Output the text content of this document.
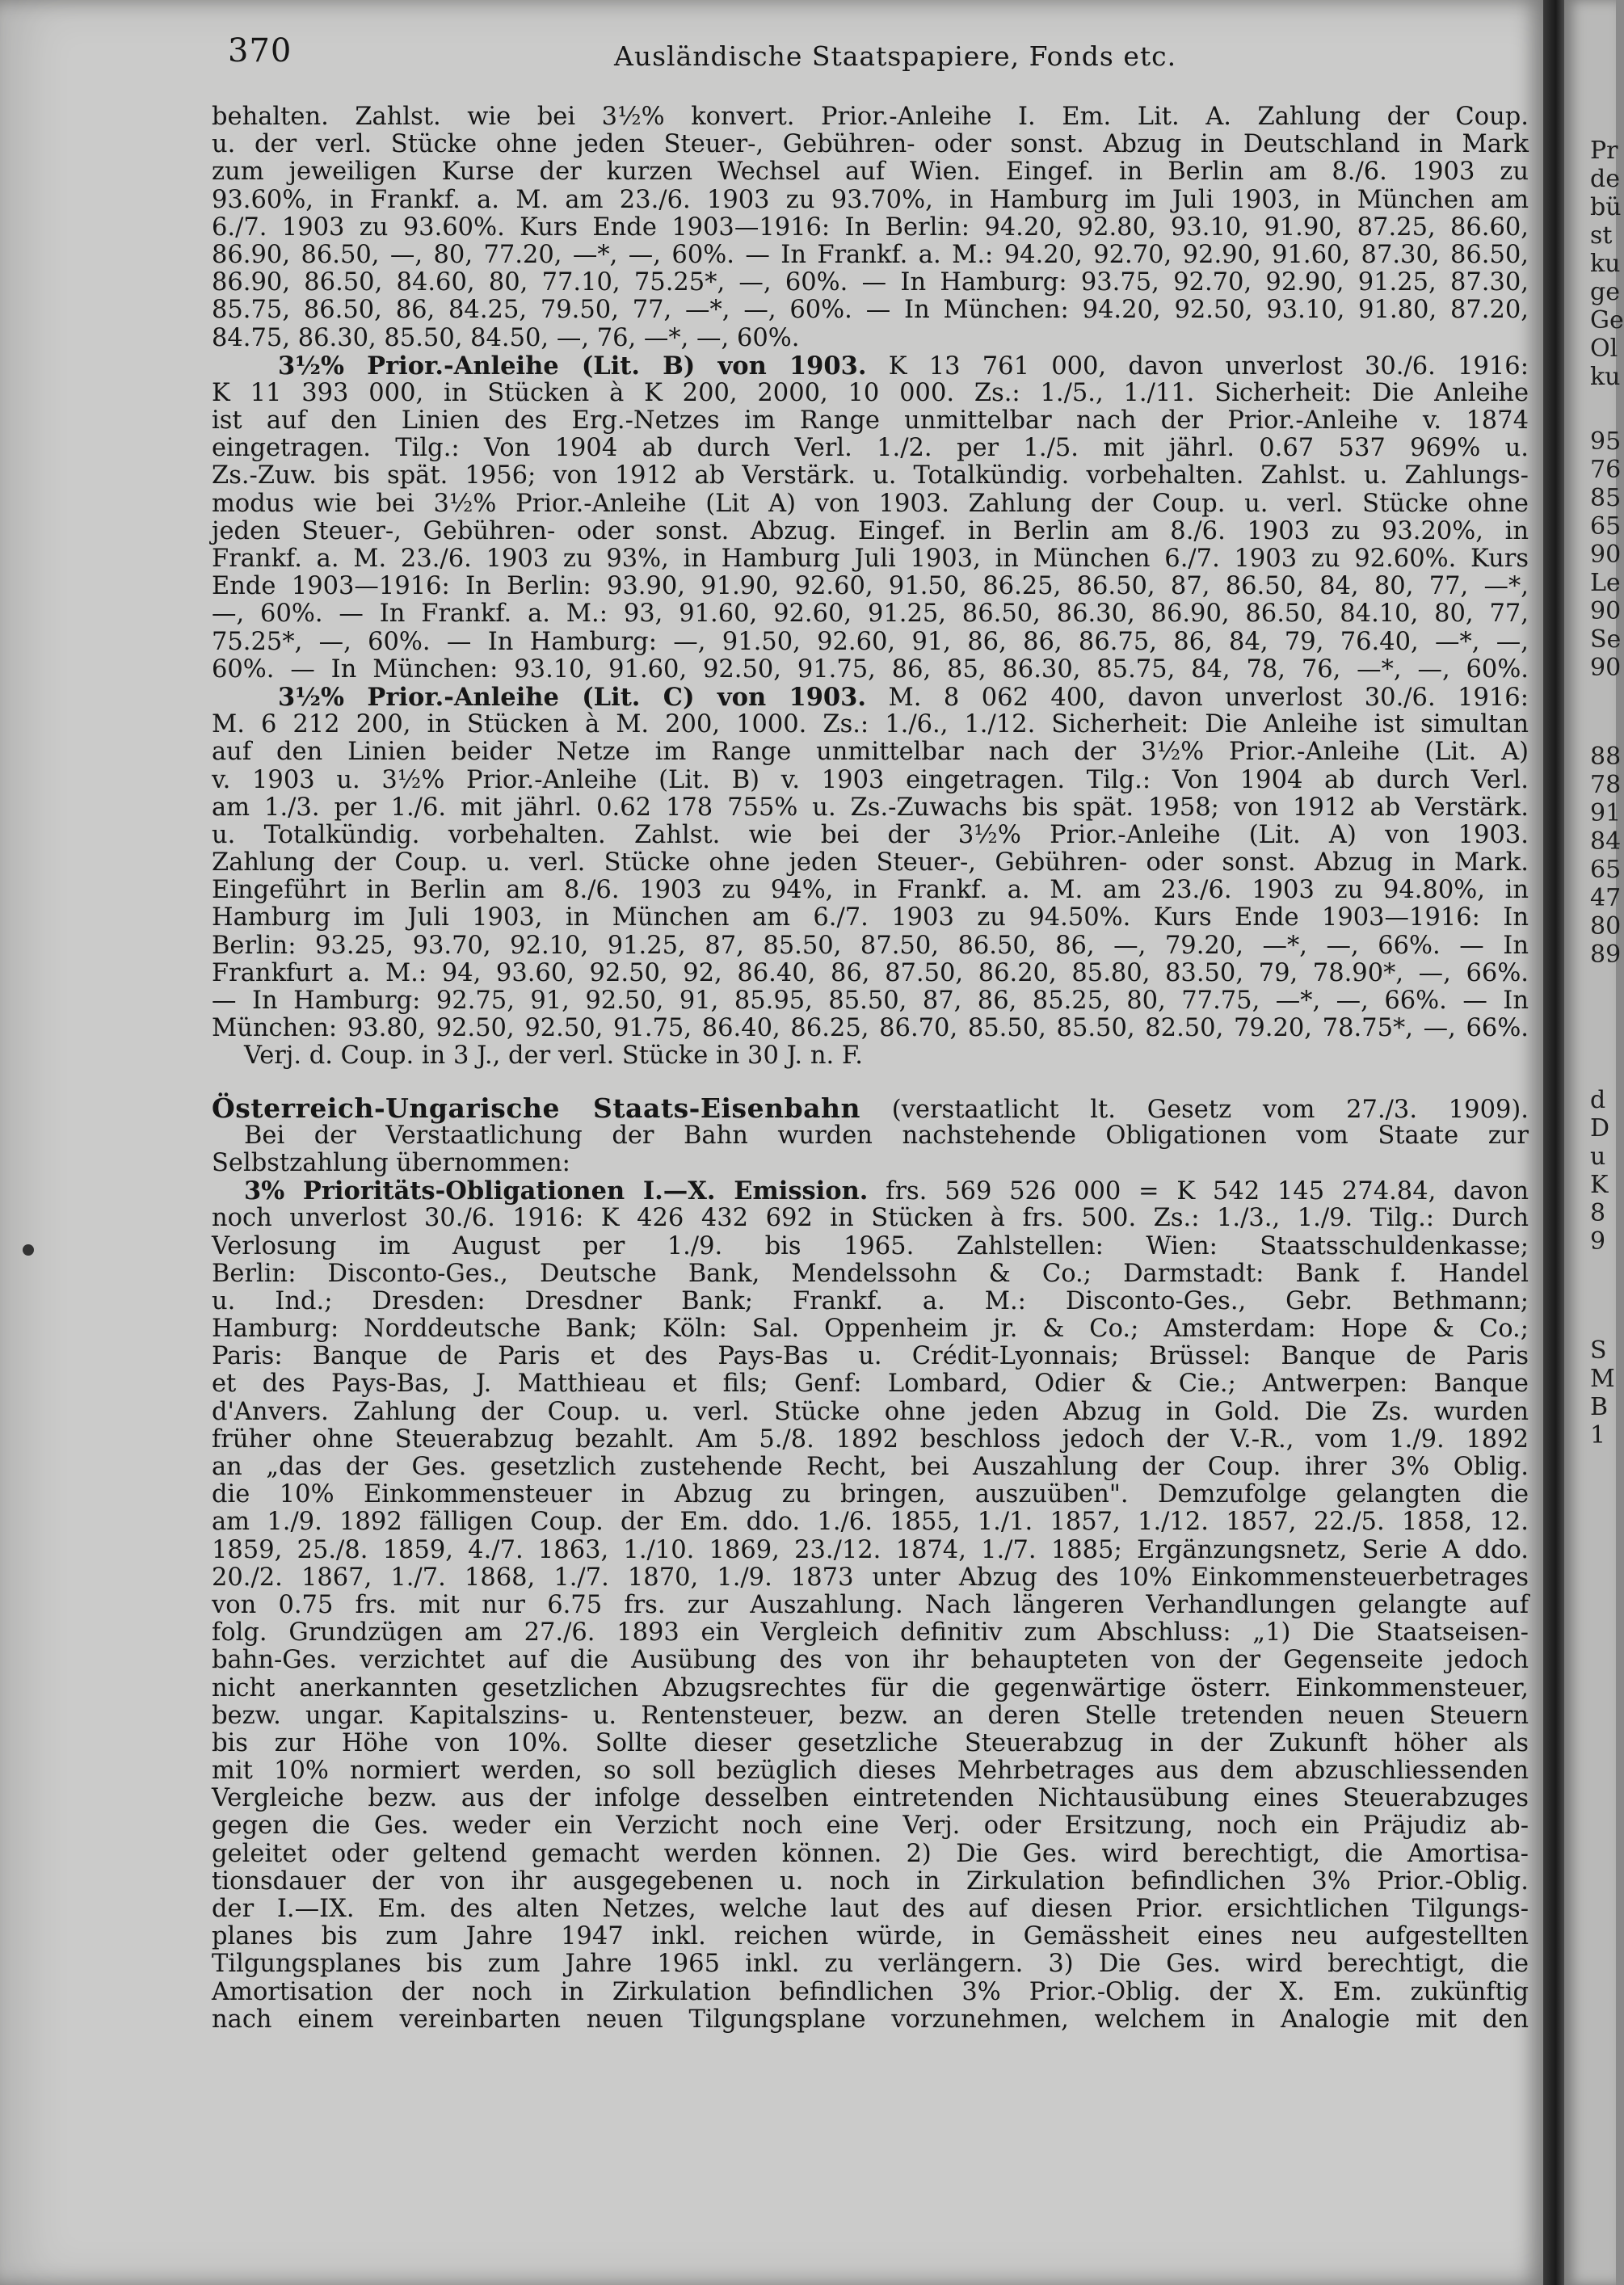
370	Ausländische Staatspapiere, Fonds etc.
behalten. Zahlst. wie bei 3½% konvert. Prior.-Anleihe I. Em. Lit. A. Zahlung der Coup.
u. der verl. Stücke ohne jeden Steuer-, Gebühren- oder sonst. Abzug in Deutschland in Mark
zum jeweiligen Kurse der kurzen Wechsel auf Wien. Eingef. in Berlin am 8./6. 1903 zu
93.60%, in Frankf. a. M. am 23./6. 1903 zu 93.70%, in Hamburg im Juli 1903, in München am
6./7. 1903 zu 93.60%. Kurs Ende 1903—1916: In Berlin: 94.20, 92.80, 93.10, 91.90, 87.25, 86.60,
86.90, 86.50, —, 80, 77.20, —*, —, 60%. — In Frankf. a. M.: 94.20, 92.70, 92.90, 91.60, 87.30, 86.50,
86.90, 86.50, 84.60, 80, 77.10, 75.25*, —, 60%. — In Hamburg: 93.75, 92.70, 92.90, 91.25, 87.30,
85.75, 86.50, 86, 84.25, 79.50, 77, —*, —, 60%. — In München: 94.20, 92.50, 93.10, 91.80, 87.20,
84.75, 86.30, 85.50, 84.50, —, 76, —*, —, 60%.
3½% Prior.-Anleihe (Lit. B) von 1903. K 13 761 000, davon unverlost 30./6. 1916:
K 11 393 000, in Stücken à K 200, 2000, 10 000. Zs.: 1./5., 1./11. Sicherheit: Die Anleihe
ist auf den Linien des Erg.-Netzes im Range unmittelbar nach der Prior.-Anleihe v. 1874
eingetragen. Tilg.: Von 1904 ab durch Verl. 1./2. per 1./5. mit jährl. 0.67 537 969% u.
Zs.-Zuw. bis spät. 1956; von 1912 ab Verstärk. u. Totalkündig. vorbehalten. Zahlst. u. Zahlungs-
modus wie bei 3½% Prior.-Anleihe (Lit A) von 1903. Zahlung der Coup. u. verl. Stücke ohne
jeden Steuer-, Gebühren- oder sonst. Abzug. Eingef. in Berlin am 8./6. 1903 zu 93.20%, in
Frankf. a. M. 23./6. 1903 zu 93%, in Hamburg Juli 1903, in München 6./7. 1903 zu 92.60%. Kurs
Ende 1903—1916: In Berlin: 93.90, 91.90, 92.60, 91.50, 86.25, 86.50, 87, 86.50, 84, 80, 77, —*,
—, 60%. — In Frankf. a. M.: 93, 91.60, 92.60, 91.25, 86.50, 86.30, 86.90, 86.50, 84.10, 80, 77,
75.25*, —, 60%. — In Hamburg: —, 91.50, 92.60, 91, 86, 86, 86.75, 86, 84, 79, 76.40, —*, —,
60%. — In München: 93.10, 91.60, 92.50, 91.75, 86, 85, 86.30, 85.75, 84, 78, 76, —*, —, 60%.
3½% Prior.-Anleihe (Lit. C) von 1903. M. 8 062 400, davon unverlost 30./6. 1916:
M. 6 212 200, in Stücken à M. 200, 1000. Zs.: 1./6., 1./12. Sicherheit: Die Anleihe ist simultan
auf den Linien beider Netze im Range unmittelbar nach der 3½% Prior.-Anleihe (Lit. A)
v. 1903 u. 3½% Prior.-Anleihe (Lit. B) v. 1903 eingetragen. Tilg.: Von 1904 ab durch Verl.
am 1./3. per 1./6. mit jährl. 0.62 178 755% u. Zs.-Zuwachs bis spät. 1958; von 1912 ab Verstärk.
u. Totalkündig. vorbehalten. Zahlst. wie bei der 3½% Prior.-Anleihe (Lit. A) von 1903.
Zahlung der Coup. u. verl. Stücke ohne jeden Steuer-, Gebühren- oder sonst. Abzug in Mark.
Eingeführt in Berlin am 8./6. 1903 zu 94%, in Frankf. a. M. am 23./6. 1903 zu 94.80%, in
Hamburg im Juli 1903, in München am 6./7. 1903 zu 94.50%. Kurs Ende 1903—1916: In
Berlin: 93.25, 93.70, 92.10, 91.25, 87, 85.50, 87.50, 86.50, 86, —, 79.20, —*, —, 66%. — In
Frankfurt a. M.: 94, 93.60, 92.50, 92, 86.40, 86, 87.50, 86.20, 85.80, 83.50, 79, 78.90*, —, 66%.
— In Hamburg: 92.75, 91, 92.50, 91, 85.95, 85.50, 87, 86, 85.25, 80, 77.75, —*, —, 66%. — In
München: 93.80, 92.50, 92.50, 91.75, 86.40, 86.25, 86.70, 85.50, 85.50, 82.50, 79.20, 78.75*, —, 66%.
Verj. d. Coup. in 3 J., der verl. Stücke in 30 J. n. F.
Österreich-Ungarische Staats-Eisenbahn (verstaatlicht lt. Gesetz vom 27./3. 1909).
Bei der Verstaatlichung der Bahn wurden nachstehende Obligationen vom Staate zur
Selbstzahlung übernommen:
3% Prioritäts-Obligationen I.—X. Emission. frs. 569 526 000 = K 542 145 274.84, davon
noch unverlost 30./6. 1916: K 426 432 692 in Stücken à frs. 500. Zs.: 1./3., 1./9. Tilg.: Durch
Verlosung im August per 1./9. bis 1965. Zahlstellen: Wien: Staatsschuldenkasse;
Berlin: Disconto-Ges., Deutsche Bank, Mendelssohn & Co.; Darmstadt: Bank f. Handel
u. Ind.; Dresden: Dresdner Bank; Frankf. a. M.: Disconto-Ges., Gebr. Bethmann;
Hamburg: Norddeutsche Bank; Köln: Sal. Oppenheim jr. & Co.; Amsterdam: Hope & Co.;
Paris: Banque de Paris et des Pays-Bas u. Crédit-Lyonnais; Brüssel: Banque de Paris
et des Pays-Bas, J. Matthieau et fils; Genf: Lombard, Odier & Cie.; Antwerpen: Banque
d'Anvers. Zahlung der Coup. u. verl. Stücke ohne jeden Abzug in Gold. Die Zs. wurden
früher ohne Steuerabzug bezahlt. Am 5./8. 1892 beschloss jedoch der V.-R., vom 1./9. 1892
an „das der Ges. gesetzlich zustehende Recht, bei Auszahlung der Coup. ihrer 3% Oblig.
die 10% Einkommensteuer in Abzug zu bringen, auszuüben". Demzufolge gelangten die
am 1./9. 1892 fälligen Coup. der Em. ddo. 1./6. 1855, 1./1. 1857, 1./12. 1857, 22./5. 1858, 12.
1859, 25./8. 1859, 4./7. 1863, 1./10. 1869, 23./12. 1874, 1./7. 1885; Ergänzungsnetz, Serie A ddo.
20./2. 1867, 1./7. 1868, 1./7. 1870, 1./9. 1873 unter Abzug des 10% Einkommensteuerbetrages
von 0.75 frs. mit nur 6.75 frs. zur Auszahlung. Nach längeren Verhandlungen gelangte auf
folg. Grundzügen am 27./6. 1893 ein Vergleich definitiv zum Abschluss: „1) Die Staatseisen-
bahn-Ges. verzichtet auf die Ausübung des von ihr behaupteten von der Gegenseite jedoch
nicht anerkannten gesetzlichen Abzugsrechtes für die gegenwärtige österr. Einkommensteuer,
bezw. ungar. Kapitalszins- u. Rentensteuer, bezw. an deren Stelle tretenden neuen Steuern
bis zur Höhe von 10%. Sollte dieser gesetzliche Steuerabzug in der Zukunft höher als
mit 10% normiert werden, so soll bezüglich dieses Mehrbetrages aus dem abzuschliessenden
Vergleiche bezw. aus der infolge desselben eintretenden Nichtausübung eines Steuerabzuges
gegen die Ges. weder ein Verzicht noch eine Verj. oder Ersitzung, noch ein Präjudiz ab-
geleitet oder geltend gemacht werden können. 2) Die Ges. wird berechtigt, die Amortisa-
tionsdauer der von ihr ausgegebenen u. noch in Zirkulation befindlichen 3% Prior.-Oblig.
der I.—IX. Em. des alten Netzes, welche laut des auf diesen Prior. ersichtlichen Tilgungs-
planes bis zum Jahre 1947 inkl. reichen würde, in Gemässheit eines neu aufgestellten
Tilgungsplanes bis zum Jahre 1965 inkl. zu verlängern. 3) Die Ges. wird berechtigt, die
Amortisation der noch in Zirkulation befindlichen 3% Prior.-Oblig. der X. Em. zukünftig
nach einem vereinbarten neuen Tilgungsplane vorzunehmen, welchem in Analogie mit den
Pr
de
bü
st
ku
ge
Ge
Ol
ku
95
76
85
65
90
Le
90
Se
90
88
78
91
84
65
47
80
89
d
D
u
K
8
9
S
M
B
1
